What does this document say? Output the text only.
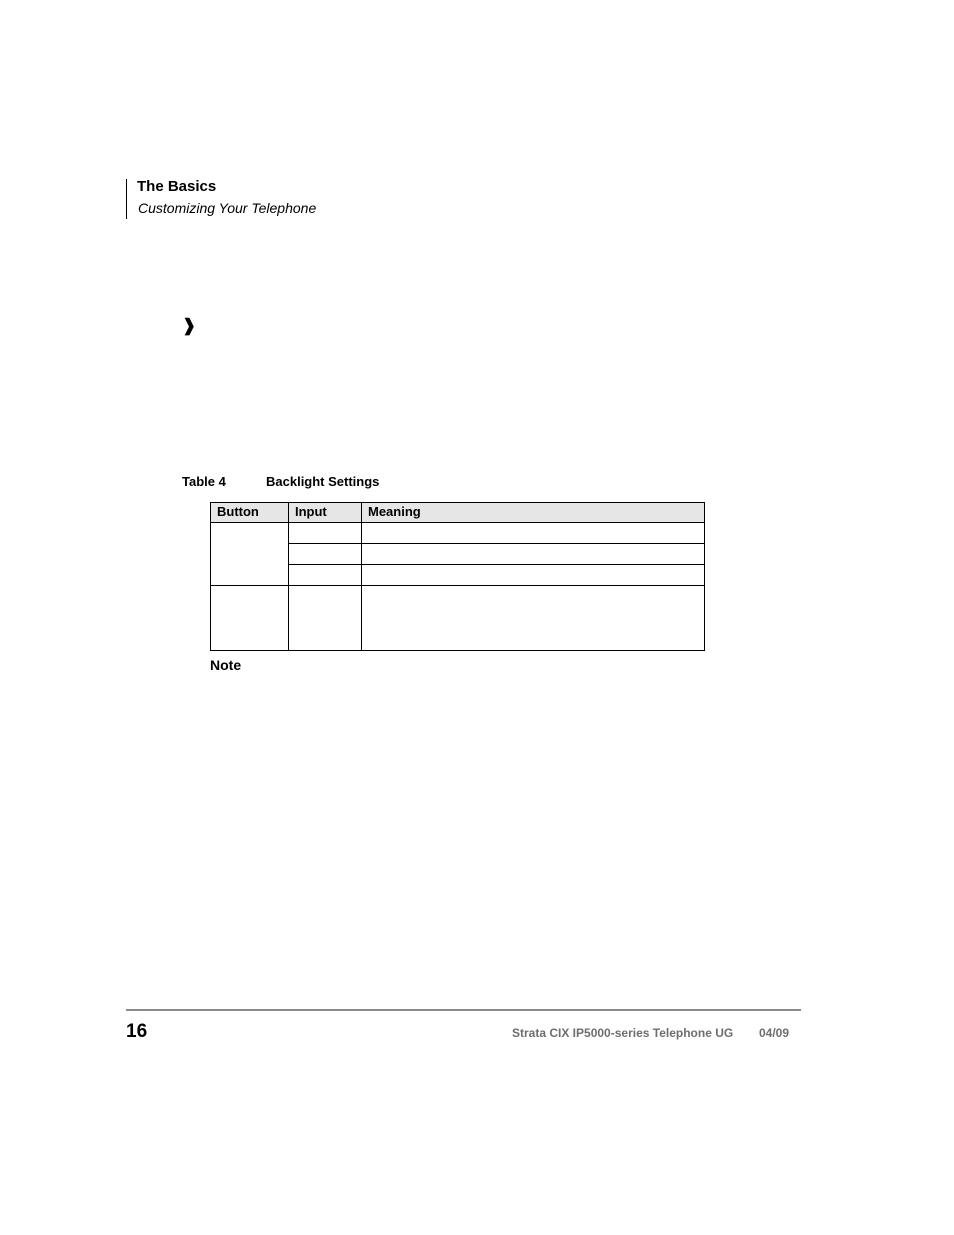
The Basics
Customizing Your Telephone
❱
Table 4	Backlight Settings
Button	Input	Meaning

Note
16	Strata CIX IP5000-series Telephone UG 04/09
